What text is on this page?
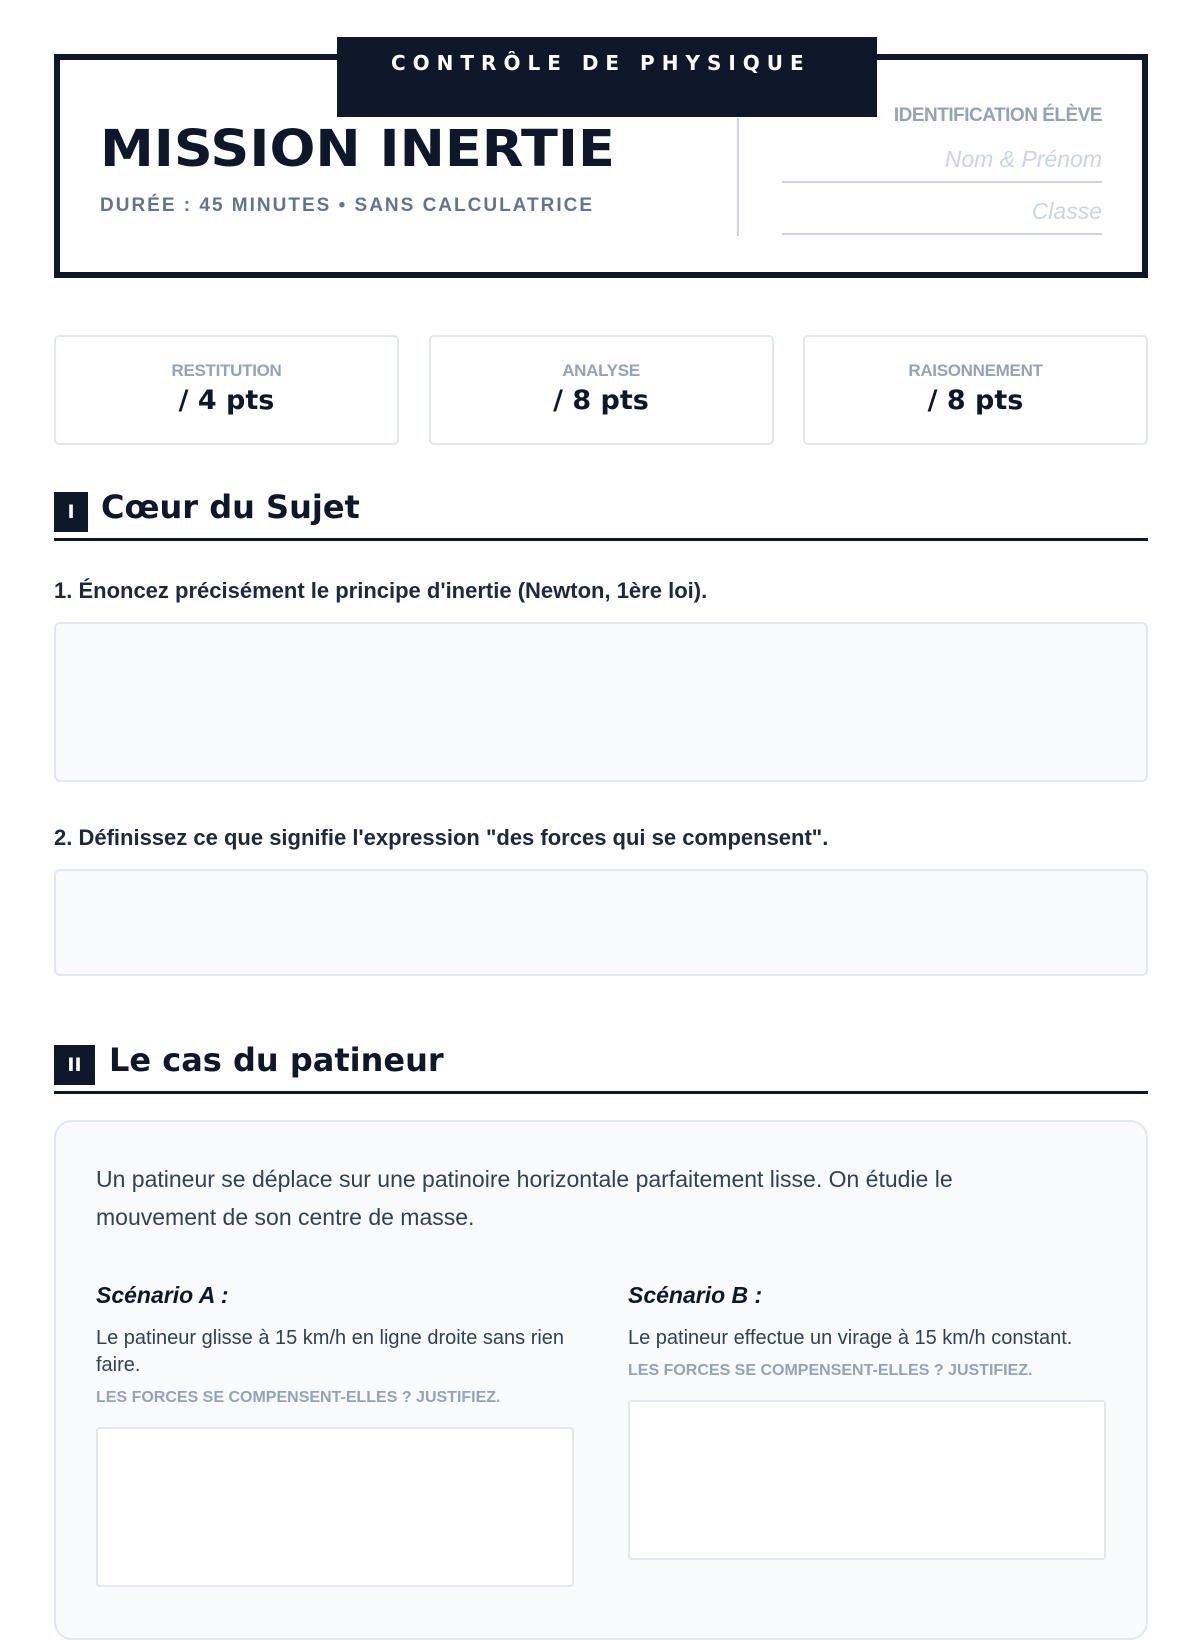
CONTRÔLE DE PHYSIQUE
MISSION INERTIE
DURÉE : 45 MINUTES • SANS CALCULATRICE
IDENTIFICATION ÉLÈVE
Nom & Prénom
Classe
RESTITUTION
/ 4 pts
ANALYSE
/ 8 pts
RAISONNEMENT
/ 8 pts
I Cœur du Sujet
1. Énoncez précisément le principe d'inertie (Newton, 1ère loi).
2. Définissez ce que signifie l'expression "des forces qui se compensent".
II Le cas du patineur
Un patineur se déplace sur une patinoire horizontale parfaitement lisse. On étudie le mouvement de son centre de masse.
Scénario A :
Le patineur glisse à 15 km/h en ligne droite sans rien faire.
LES FORCES SE COMPENSENT-ELLES ? JUSTIFIEZ.
Scénario B :
Le patineur effectue un virage à 15 km/h constant.
LES FORCES SE COMPENSENT-ELLES ? JUSTIFIEZ.
